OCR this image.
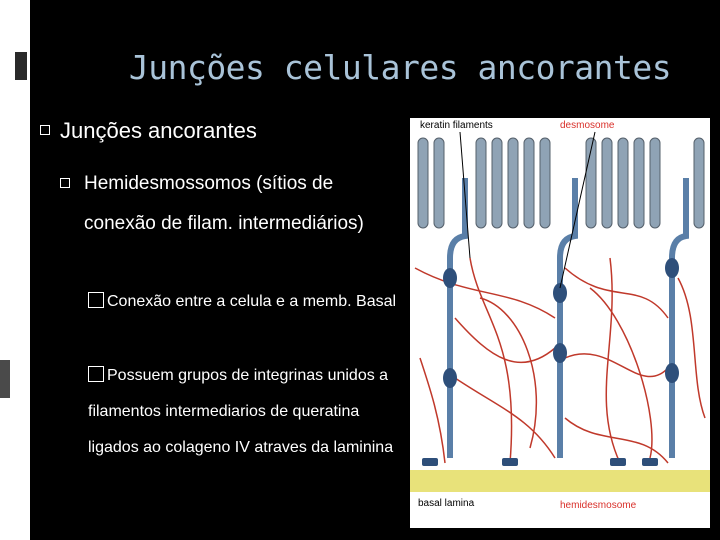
Junções celulares ancorantes
Junções ancorantes
Hemidesmossomos (sítios de conexão de filam. intermediários)
Conexão entre a celula e a memb. Basal
Possuem grupos de integrinas unidos a filamentos intermediarios de queratina ligados ao colageno IV atraves da laminina
keratin filaments	desmosome
basal lamina	hemidesmosome
